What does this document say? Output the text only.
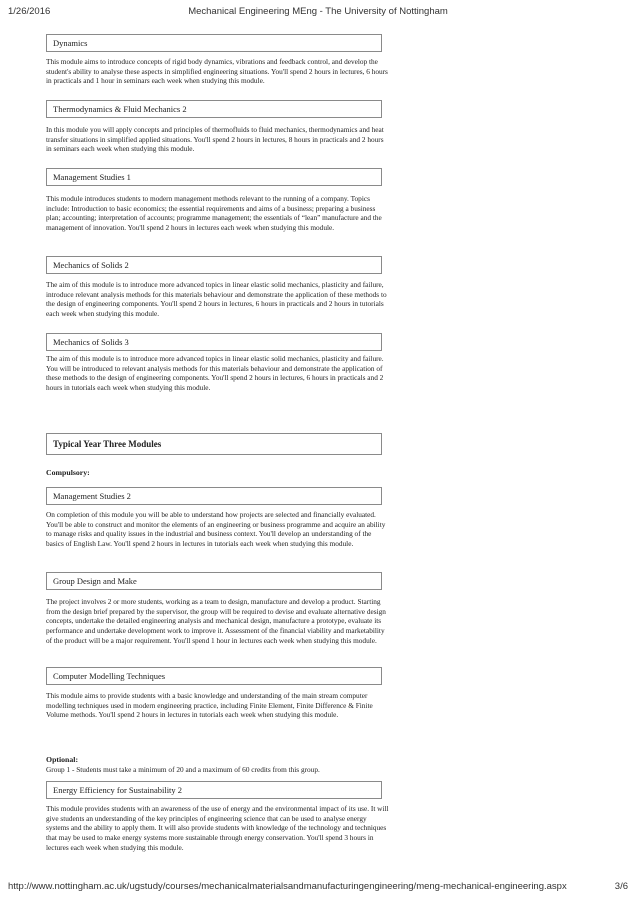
1/26/2016	Mechanical Engineering MEng - The University of Nottingham
Dynamics
This module aims to introduce concepts of rigid body dynamics, vibrations and feedback control, and develop the student's ability to analyse these aspects in simplified engineering situations. You'll spend 2 hours in lectures, 6 hours in practicals and 1 hour in seminars each week when studying this module.
Thermodynamics & Fluid Mechanics 2
In this module you will apply concepts and principles of thermofluids to fluid mechanics, thermodynamics and heat transfer situations in simplified applied situations. You'll spend 2 hours in lectures, 8 hours in practicals and 2 hours in seminars each week when studying this module.
Management Studies 1
This module introduces students to modern management methods relevant to the running of a company. Topics include: Introduction to basic economics; the essential requirements and aims of a business; preparing a business plan; accounting; interpretation of accounts; programme management; the essentials of “lean” manufacture and the management of innovation. You'll spend 2 hours in lectures each week when studying this module.
Mechanics of Solids 2
The aim of this module is to introduce more advanced topics in linear elastic solid mechanics, plasticity and failure, introduce relevant analysis methods for this materials behaviour and demonstrate the application of these methods to the design of engineering components. You'll spend 2 hours in lectures, 6 hours in practicals and 2 hours in tutorials each week when studying this module.
Mechanics of Solids 3
The aim of this module is to introduce more advanced topics in linear elastic solid mechanics, plasticity and failure. You will be introduced to relevant analysis methods for this materials behaviour and demonstrate the application of these methods to the design of engineering components. You'll spend 2 hours in lectures, 6 hours in practicals and 2 hours in tutorials each week when studying this module.
Typical Year Three Modules
Compulsory:
Management Studies 2
On completion of this module you will be able to understand how projects are selected and financially evaluated. You'll be able to construct and monitor the elements of an engineering or business programme and acquire an ability to manage risks and quality issues in the industrial and business context. You'll develop an understanding of the basics of English Law. You'll spend 2 hours in lectures in tutorials each week when studying this module.
Group Design and Make
The project involves 2 or more students, working as a team to design, manufacture and develop a product. Starting from the design brief prepared by the supervisor, the group will be required to devise and evaluate alternative design concepts, undertake the detailed engineering analysis and mechanical design, manufacture a prototype, evaluate its performance and undertake development work to improve it. Assessment of the financial viability and marketability of the product will be a major requirement. You'll spend 1 hour in lectures each week when studying this module.
Computer Modelling Techniques
This module aims to provide students with a basic knowledge and understanding of the main stream computer modelling techniques used in modern engineering practice, including Finite Element, Finite Difference & Finite Volume methods. You'll spend 2 hours in lectures in tutorials each week when studying this module.
Optional:
Group 1 - Students must take a minimum of 20 and a maximum of 60 credits from this group.
Energy Efficiency for Sustainability 2
This module provides students with an awareness of the use of energy and the environmental impact of its use. It will give students an understanding of the key principles of engineering science that can be used to analyse energy systems and the ability to apply them. It will also provide students with knowledge of the technology and techniques that may be used to make energy systems more sustainable through energy conservation. You'll spend 3 hours in lectures each week when studying this module.
http://www.nottingham.ac.uk/ugstudy/courses/mechanicalmaterialsandmanufacturingengineering/meng-mechanical-engineering.aspx	3/6
